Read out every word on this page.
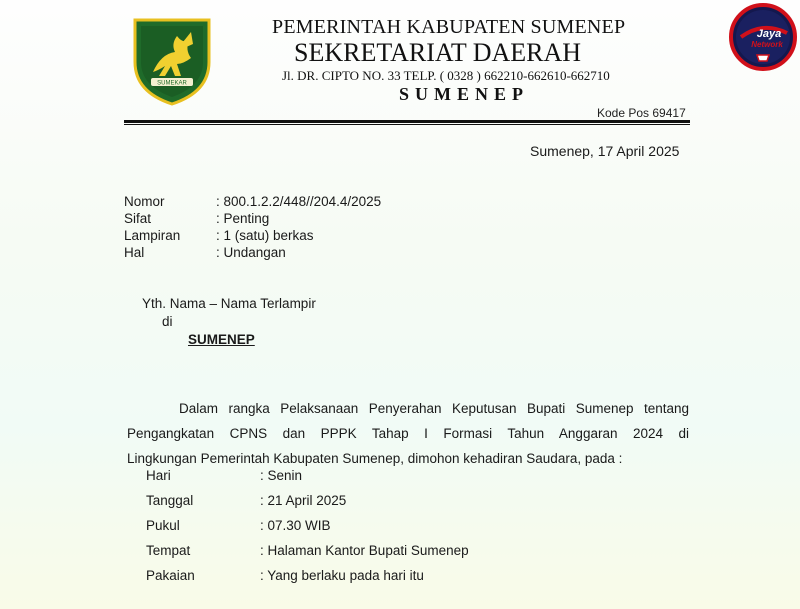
SUMEKAR
PEMERINTAH KABUPATEN SUMENEP
SEKRETARIAT DAERAH
Jl. DR. CIPTO NO. 33 TELP. ( 0328 ) 662210-662610-662710
SUMENEP
Kode Pos 69417
Sumenep, 17 April 2025
Nomor	: 800.1.2.2/448//204.4/2025
Sifat	: Penting
Lampiran	: 1 (satu) berkas
Hal	: Undangan
Yth. Nama – Nama Terlampir
di
SUMENEP
Dalam rangka Pelaksanaan Penyerahan Keputusan Bupati Sumenep tentang
Pengangkatan CPNS dan PPPK Tahap I Formasi Tahun Anggaran 2024 di
Lingkungan Pemerintah Kabupaten Sumenep, dimohon kehadiran Saudara, pada :
Hari	: Senin
Tanggal	: 21 April 2025
Pukul	: 07.30 WIB
Tempat	: Halaman Kantor Bupati Sumenep
Pakaian	: Yang berlaku pada hari itu
Jaya
Network
